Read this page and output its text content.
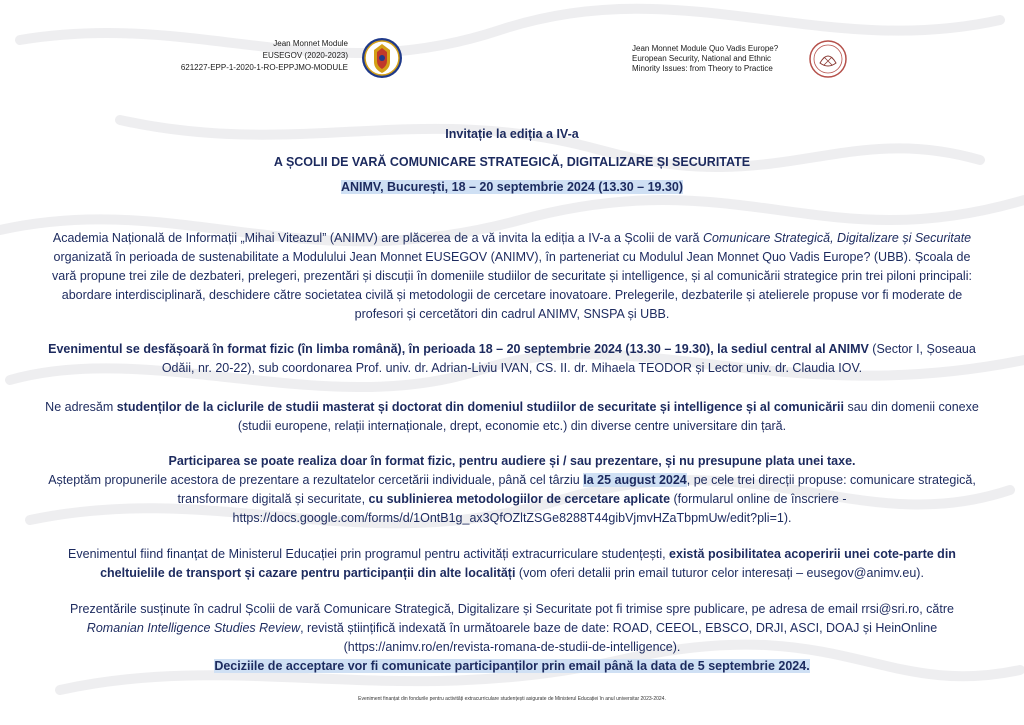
Jean Monnet Module
EUSEGOV (2020-2023)
621227-EPP-1-2020-1-RO-EPPJMO-MODULE
Jean Monnet Module Quo Vadis Europe?
European Security, National and Ethnic
Minority Issues: from Theory to Practice
Invitație la ediția a IV-a
A ȘCOLII DE VARĂ COMUNICARE STRATEGICĂ, DIGITALIZARE ȘI SECURITATE
ANIMV, București, 18 – 20 septembrie 2024 (13.30 – 19.30)
Academia Națională de Informații „Mihai Viteazul” (ANIMV) are plăcerea de a vă invita la ediția a IV-a a Școlii de vară Comunicare Strategică, Digitalizare și Securitate organizată în perioada de sustenabilitate a Modulului Jean Monnet EUSEGOV (ANIMV), în parteneriat cu Modulul Jean Monnet Quo Vadis Europe? (UBB). Școala de vară propune trei zile de dezbateri, prelegeri, prezentări și discuții în domeniile studiilor de securitate și intelligence, și al comunicării strategice prin trei piloni principali: abordare interdisciplinară, deschidere către societatea civilă și metodologii de cercetare inovatoare. Prelegerile, dezbaterile și atelierele propuse vor fi moderate de profesori și cercetători din cadrul ANIMV, SNSPA și UBB.
Evenimentul se desfășoară în format fizic (în limba română), în perioada 18 – 20 septembrie 2024 (13.30 – 19.30), la sediul central al ANIMV (Sector I, Șoseaua Odăii, nr. 20-22), sub coordonarea Prof. univ. dr. Adrian-Liviu IVAN, CS. II. dr. Mihaela TEODOR și Lector univ. dr. Claudia IOV.
Ne adresăm studenților de la ciclurile de studii masterat și doctorat din domeniul studiilor de securitate și intelligence și al comunicării sau din domenii conexe (studii europene, relații internaționale, drept, economie etc.) din diverse centre universitare din țară.
Participarea se poate realiza doar în format fizic, pentru audiere și / sau prezentare, și nu presupune plata unei taxe.
Așteptăm propunerile acestora de prezentare a rezultatelor cercetării individuale, până cel târziu la 25 august 2024, pe cele trei direcții propuse: comunicare strategică, transformare digitală și securitate, cu sublinierea metodologiilor de cercetare aplicate (formularul online de înscriere - https://docs.google.com/forms/d/1OntB1g_ax3QfOZltZSGe8288T44gibVjmvHZaTbpmUw/edit?pli=1).
Evenimentul fiind finanțat de Ministerul Educației prin programul pentru activități extracurriculare studențești, există posibilitatea acoperirii unei cote-parte din cheltuielile de transport și cazare pentru participanții din alte localități (vom oferi detalii prin email tuturor celor interesați – eusegov@animv.eu).
Prezentările susținute în cadrul Școlii de vară Comunicare Strategică, Digitalizare și Securitate pot fi trimise spre publicare, pe adresa de email rrsi@sri.ro, către Romanian Intelligence Studies Review, revistă științifică indexată în următoarele baze de date: ROAD, CEEOL, EBSCO, DRJI, ASCI, DOAJ și HeinOnline (https://animv.ro/en/revista-romana-de-studii-de-intelligence).
Deciziile de acceptare vor fi comunicate participanților prin email până la data de 5 septembrie 2024.
Eveniment finanțat din fondurile pentru activități extracurriculare studențești asigurate de Ministerul Educației în anul universitar 2023-2024.
